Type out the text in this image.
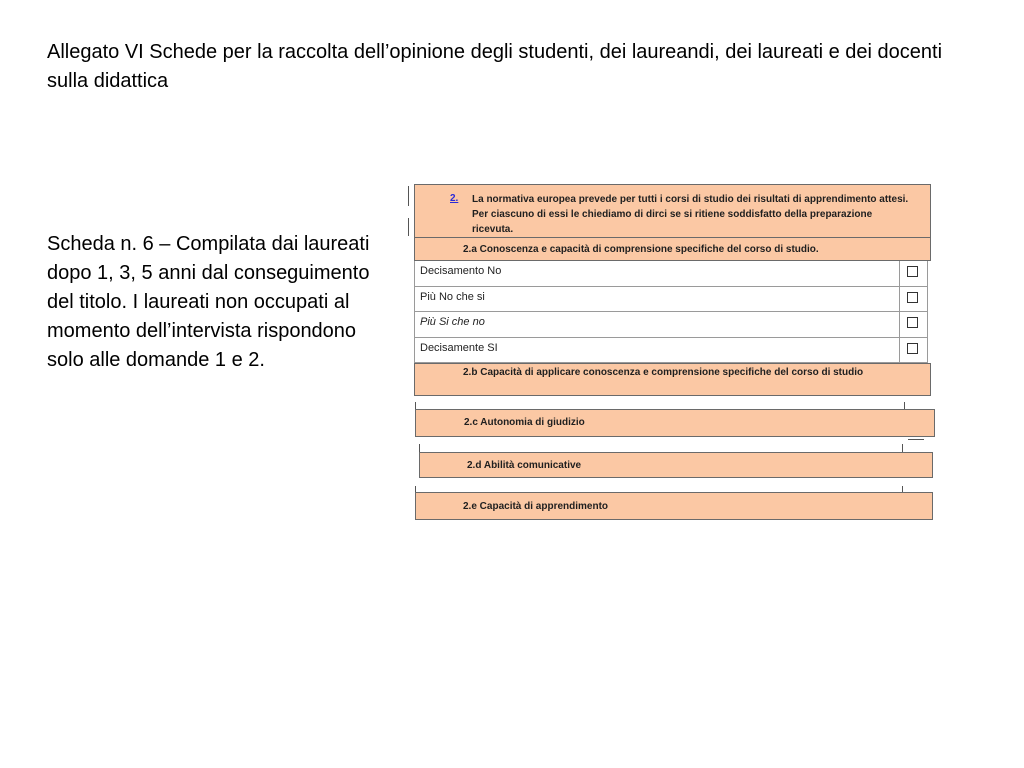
Allegato VI Schede per la raccolta dell’opinione degli studenti, dei laureandi, dei laureati e dei docenti sulla didattica

Scheda n. 6 – Compilata dai laureati dopo 1, 3, 5 anni dal conseguimento del titolo. I laureati non occupati al momento dell’intervista rispondono solo alle domande 1 e 2.

2. La normativa europea prevede per tutti i corsi di studio dei risultati di apprendimento attesi. Per ciascuno di essi le chiediamo di dirci se si ritiene soddisfatto della preparazione ricevuta.
2.a Conoscenza e capacità di comprensione specifiche del corso di studio.
Decisamento No
Più No che si
Più Si che no
Decisamente SI
2.b Capacità di applicare conoscenza e comprensione specifiche del corso di studio
2.c Autonomia di giudizio
2.d Abilità comunicative
2.e Capacità di apprendimento
